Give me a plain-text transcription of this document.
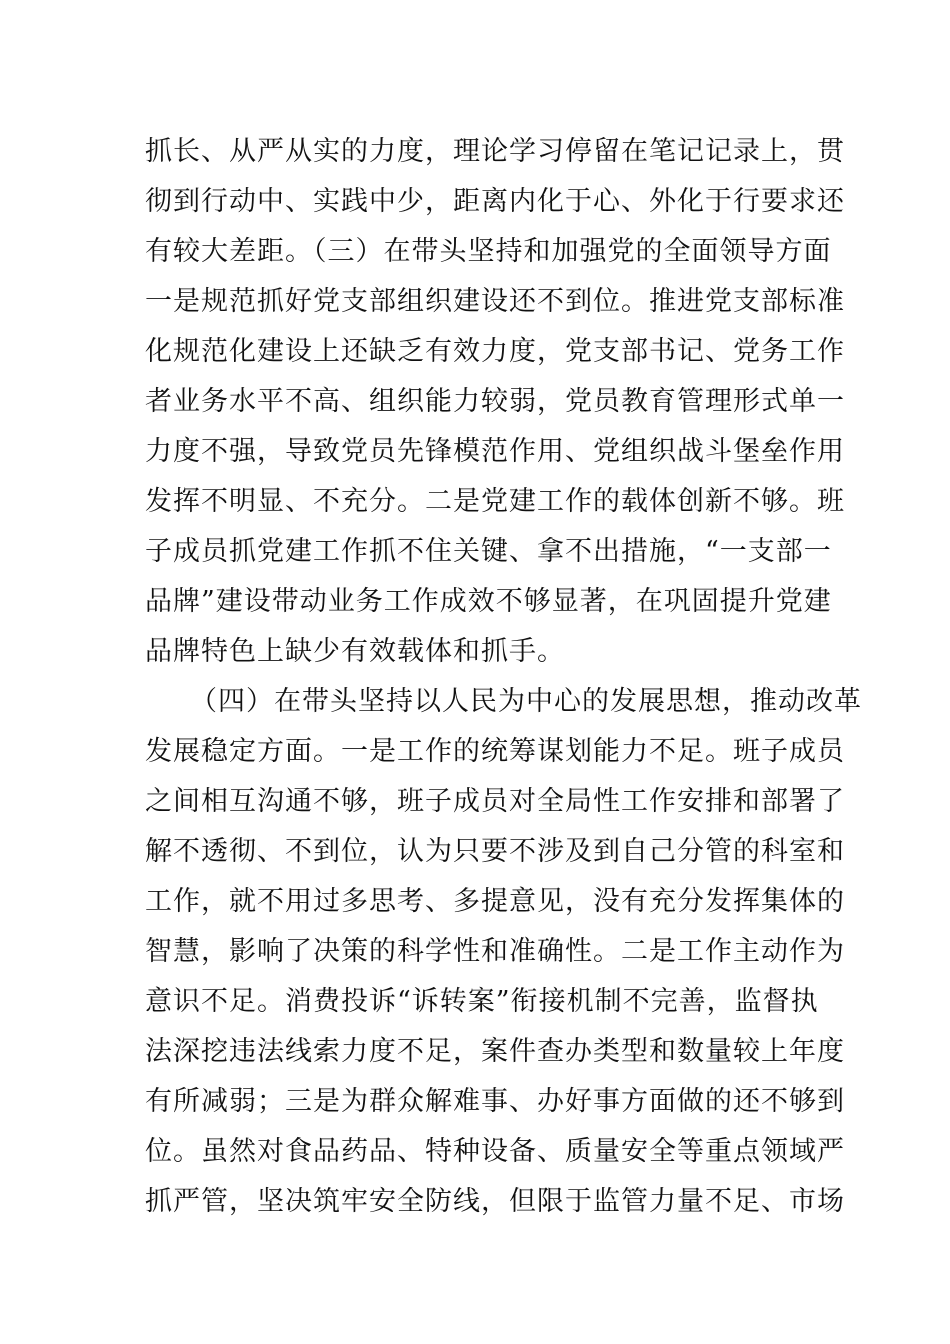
抓长、从严从实的力度，理论学习停留在笔记记录上，贯
彻到行动中、实践中少，距离内化于心、外化于行要求还
有较大差距。（三）在带头坚持和加强党的全面领导方面
一是规范抓好党支部组织建设还不到位。推进党支部标准
化规范化建设上还缺乏有效力度，党支部书记、党务工作
者业务水平不高、组织能力较弱，党员教育管理形式单一
力度不强，导致党员先锋模范作用、党组织战斗堡垒作用
发挥不明显、不充分。二是党建工作的载体创新不够。班
子成员抓党建工作抓不住关键、拿不出措施，“一支部一
品牌”建设带动业务工作成效不够显著，在巩固提升党建
品牌特色上缺少有效载体和抓手。
（四）在带头坚持以人民为中心的发展思想，推动改革
发展稳定方面。一是工作的统筹谋划能力不足。班子成员
之间相互沟通不够，班子成员对全局性工作安排和部署了
解不透彻、不到位，认为只要不涉及到自己分管的科室和
工作，就不用过多思考、多提意见，没有充分发挥集体的
智慧，影响了决策的科学性和准确性。二是工作主动作为
意识不足。消费投诉“诉转案”衔接机制不完善，监督执
法深挖违法线索力度不足，案件查办类型和数量较上年度
有所减弱；三是为群众解难事、办好事方面做的还不够到
位。虽然对食品药品、特种设备、质量安全等重点领域严
抓严管，坚决筑牢安全防线，但限于监管力量不足、市场
